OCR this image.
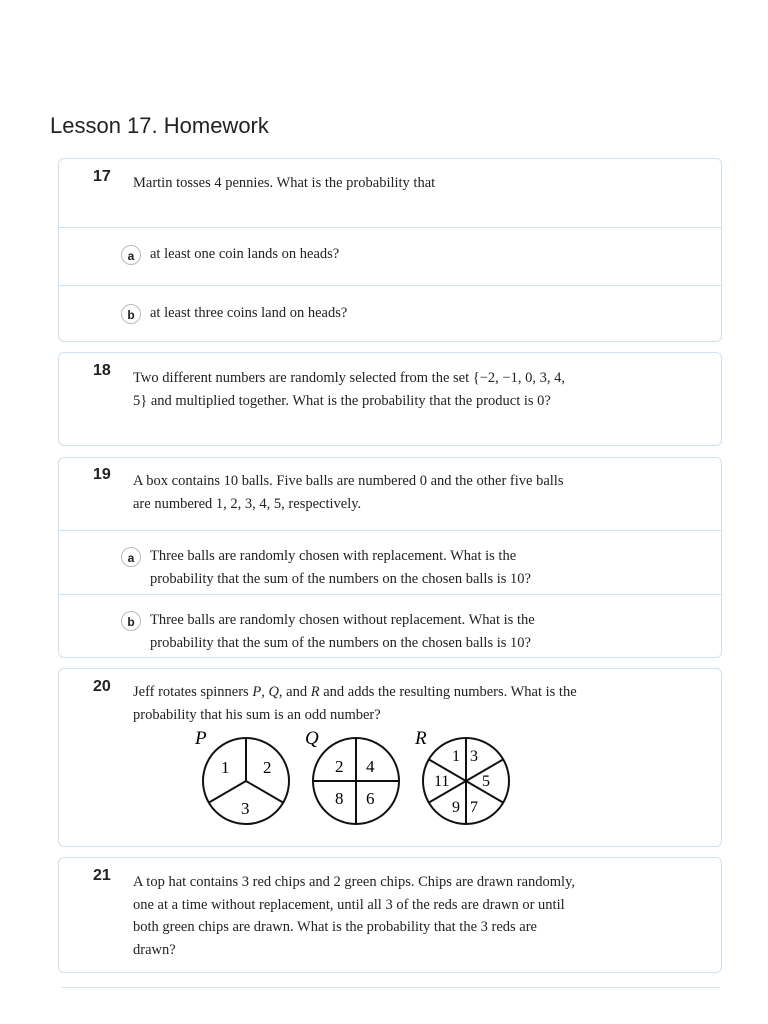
Lesson 17. Homework
17 Martin tosses 4 pennies. What is the probability that
a	at least one coin lands on heads?
b	at least three coins land on heads?
18 Two different numbers are randomly selected from the set {−2, −1, 0, 3, 4, 5} and multiplied together. What is the probability that the product is 0?
19 A box contains 10 balls. Five balls are numbered 0 and the other five balls are numbered 1, 2, 3, 4, 5, respectively.
a	Three balls are randomly chosen with replacement. What is the probability that the sum of the numbers on the chosen balls is 10?
b	Three balls are randomly chosen without replacement. What is the probability that the sum of the numbers on the chosen balls is 10?
20 Jeff rotates spinners P, Q, and R and adds the resulting numbers. What is the probability that his sum is an odd number?
P
1 2
3
Q
2 4
8 6
R
1 3
5
7
9
11
21 A top hat contains 3 red chips and 2 green chips. Chips are drawn randomly, one at a time without replacement, until all 3 of the reds are drawn or until both green chips are drawn. What is the probability that the 3 reds are drawn?
